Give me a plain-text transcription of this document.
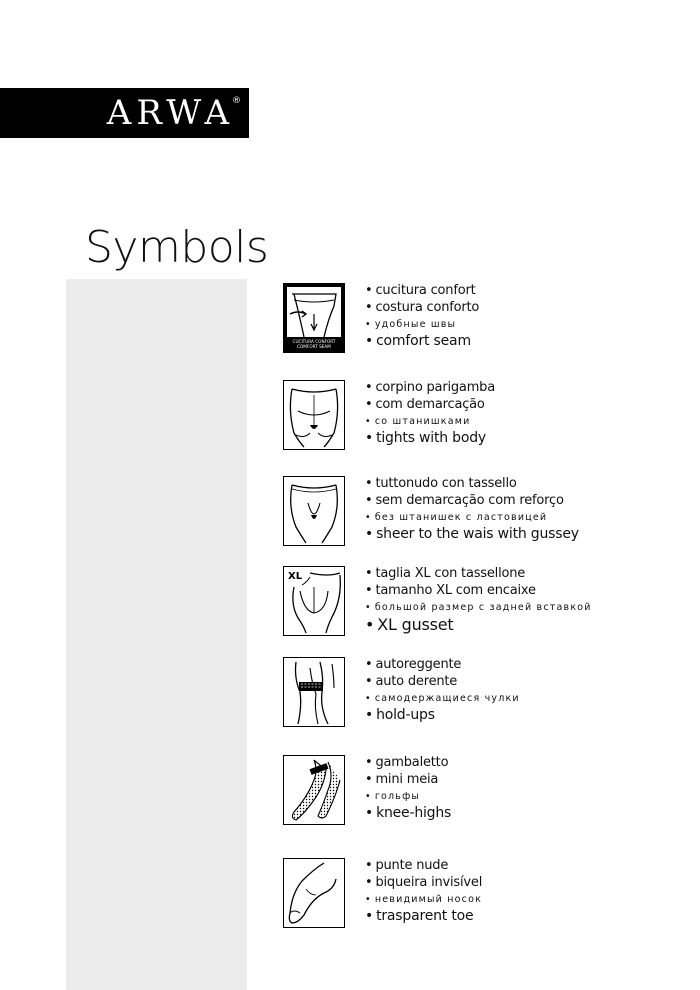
ARWA
®
Symbols
CUCITURA CONFORT
COMFORT SEAM
• cucitura confort
• costura conforto
• удобные швы
• comfort seam
• corpino parigamba
• com demarcação
• со штанишками
• tights with body
• tuttonudo con tassello
• sem demarcação com reforço
• без штанишек с ластовицей
• sheer to the wais with gussey
XL
•	taglia XL con tassellone
• tamanho XL com encaixe
• большой размер с задней вставкой
• XL gusset
• autoreggente
• auto derente
• самодержащиеся чулки
• hold-ups
• gambaletto
• mini meia
• гольфы
• knee-highs
• punte nude
• biqueira invisível
• невидимый носок
• trasparent toe
